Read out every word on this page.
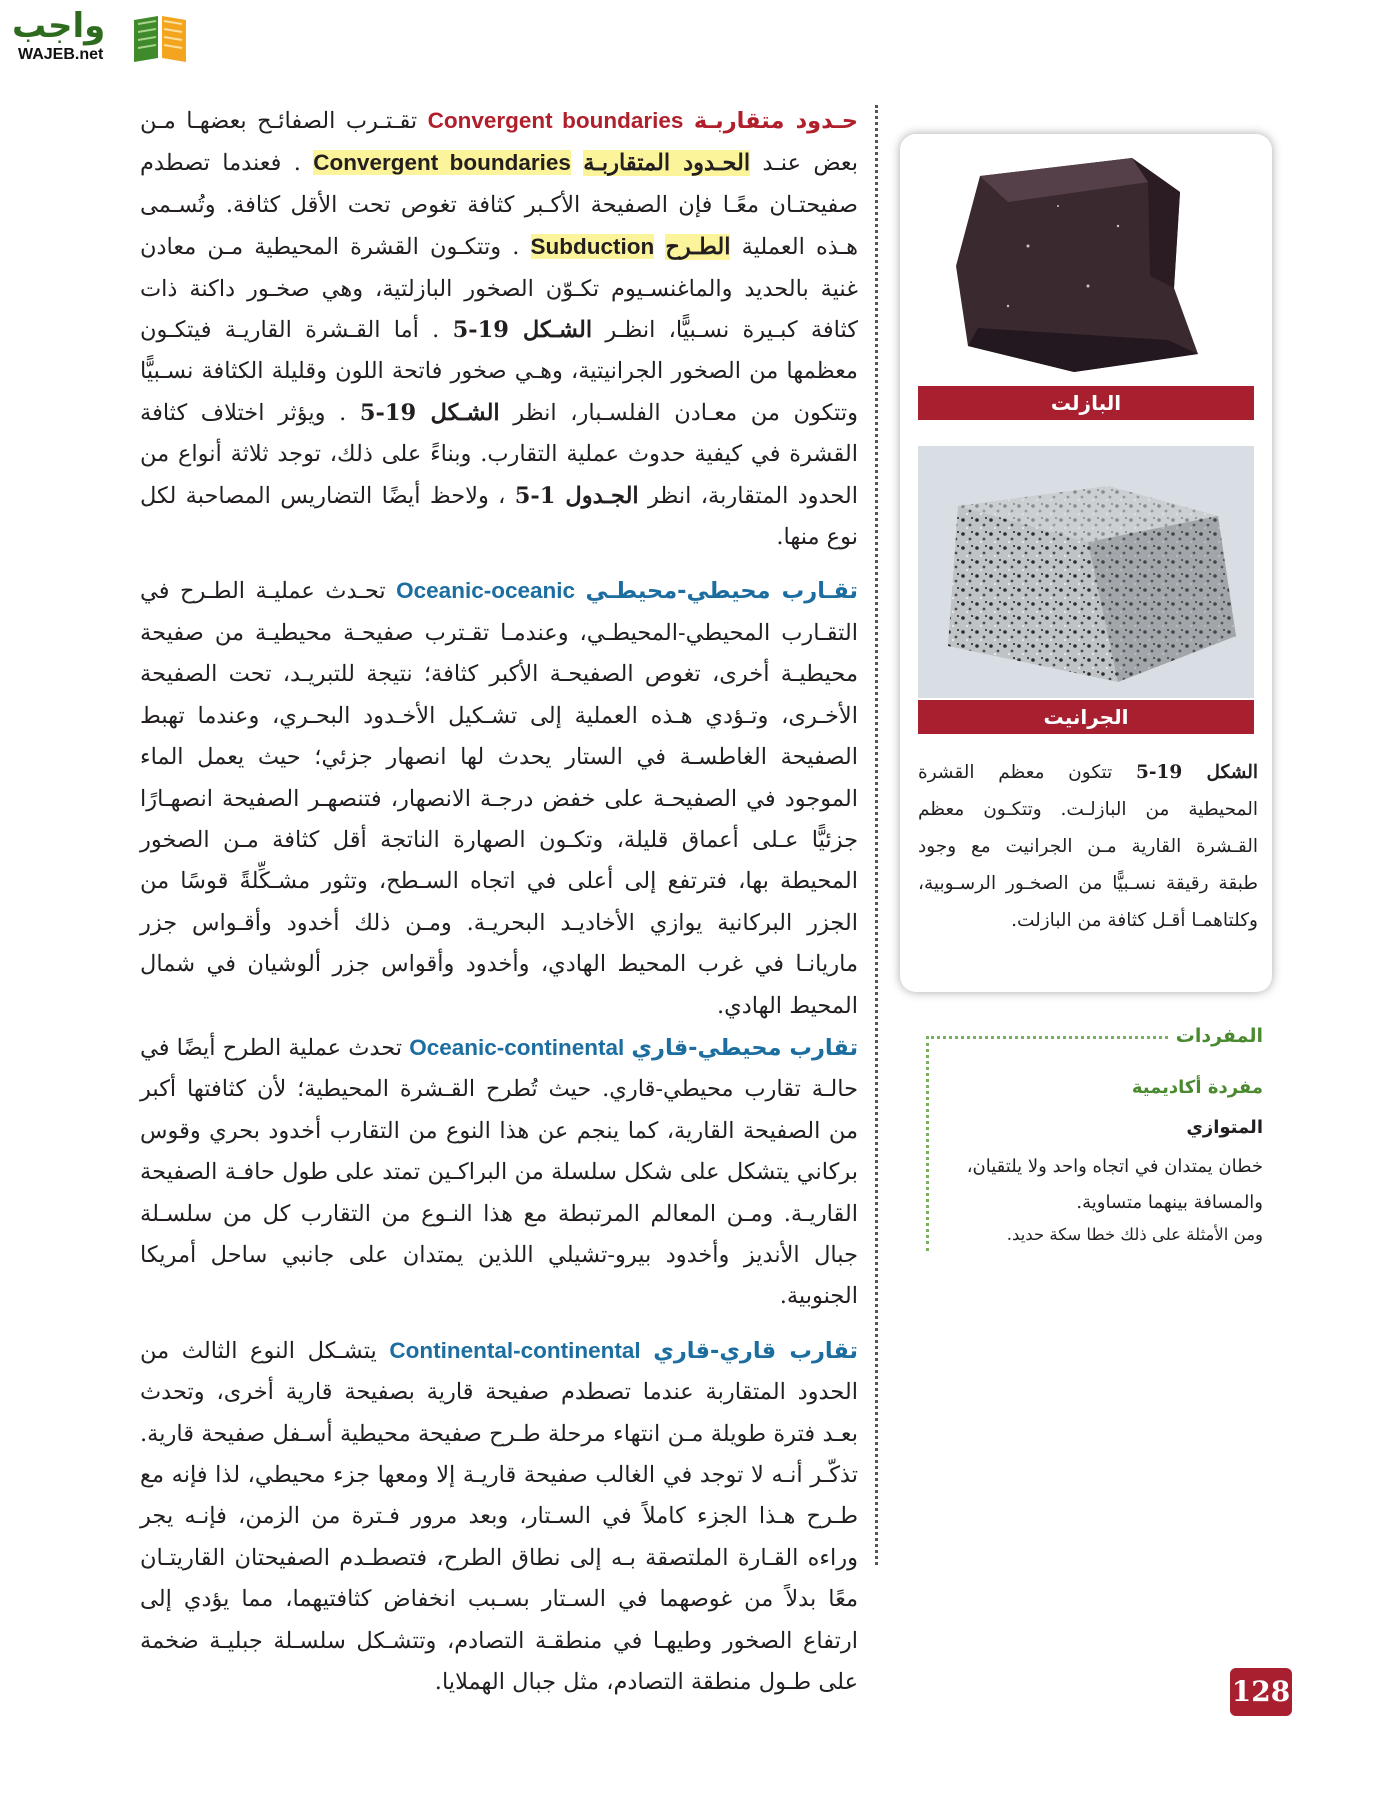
واجب
WAJEB.net

حـدود متقاربـة Convergent boundaries تقـتـرب الصفائـح بعضهـا مـن بعض عنـد الحـدود المتقاربـة Convergent boundaries . فعندما تصطدم صفيحتـان معًـا فإن الصفيحة الأكـبر كثافة تغوص تحت الأقل كثافة. وتُسـمى هـذه العملية الطـرح Subduction . وتتكـون القشرة المحيطية مـن معادن غنية بالحديد والماغنسـيوم تكـوّن الصخور البازلتية، وهي صخـور داكنة ذات كثافة كبـيرة نسـبيًّا، انظـر الشـكل 19-5 . أما القـشرة القاريـة فيتكـون معظمها من الصخور الجرانيتية، وهـي صخور فاتحة اللون وقليلة الكثافة نسـبيًّا وتتكون من معـادن الفلسـبار، انظر الشـكل 19-5 . ويؤثر اختلاف كثافة القشرة في كيفية حدوث عملية التقارب. وبناءً على ذلك، توجد ثلاثة أنواع من الحدود المتقاربة، انظر الجـدول 1-5 ، ولاحظ أيضًا التضاريس المصاحبة لكل نوع منها.

تقـارب محيطي-محيطـي Oceanic-oceanic تحـدث عمليـة الطـرح في التقـارب المحيطي-المحيطـي، وعندمـا تقـترب صفيحـة محيطيـة من صفيحة محيطيـة أخرى، تغوص الصفيحـة الأكبر كثافة؛ نتيجة للتبريـد، تحت الصفيحة الأخـرى، وتـؤدي هـذه العملية إلى تشـكيل الأخـدود البحـري، وعندما تهبط الصفيحة الغاطسـة في الستار يحدث لها انصهار جزئي؛ حيث يعمل الماء الموجود في الصفيحـة على خفض درجـة الانصهار، فتنصهـر الصفيحة انصهـارًا جزئيًّا عـلى أعماق قليلة، وتكـون الصهارة الناتجة أقل كثافة مـن الصخور المحيطة بها، فترتفع إلى أعلى في اتجاه السـطح، وتثور مشـكِّلةً قوسًا من الجزر البركانية يوازي الأخاديـد البحريـة. ومـن ذلك أخدود وأقـواس جزر ماريانـا في غرب المحيط الهادي، وأخدود وأقواس جزر ألوشيان في شمال المحيط الهادي.

تقارب محيطي-قاري Oceanic-continental تحدث عملية الطرح أيضًا في حالـة تقارب محيطي-قاري. حيث تُطرح القـشرة المحيطية؛ لأن كثافتها أكبر من الصفيحة القارية، كما ينجم عن هذا النوع من التقارب أخدود بحري وقوس بركاني يتشكل على شكل سلسلة من البراكـين تمتد على طول حافـة الصفيحة القاريـة. ومـن المعالم المرتبطة مع هذا النـوع من التقارب كل من سلسـلة جبال الأنديز وأخدود بيرو-تشيلي اللذين يمتدان على جانبي ساحل أمريكا الجنوبية.

تقارب قاري-قاري Continental-continental يتشـكل النوع الثالث من الحدود المتقاربة عندما تصطدم صفيحة قارية بصفيحة قارية أخرى، وتحدث بعـد فترة طويلة مـن انتهاء مرحلة طـرح صفيحة محيطية أسـفل صفيحة قارية. تذكّـر أنـه لا توجد في الغالب صفيحة قاريـة إلا ومعها جزء محيطي، لذا فإنه مع طـرح هـذا الجزء كاملاً في السـتار، وبعد مرور فـترة من الزمن، فإنـه يجر وراءه القـارة الملتصقة بـه إلى نطاق الطرح، فتصطـدم الصفيحتان القاريتـان معًا بدلاً من غوصهما في السـتار بسـبب انخفاض كثافتيهما، مما يؤدي إلى ارتفاع الصخور وطيهـا في منطقـة التصادم، وتتشـكل سلسـلة جبليـة ضخمة على طـول منطقة التصادم، مثل جبال الهملايا.

البازلت
الجرانيت
الشكل 19-5 تتكون معظم القشرة المحيطية من البازلـت. وتتكـون معظم القـشرة القارية مـن الجرانيت مع وجود طبقة رقيقة نسـبيًّا من الصخـور الرسـوبية، وكلتاهمـا أقـل كثافة من البازلت.
المفردات
مفردة أكاديمية
المتوازي
خطان يمتدان في اتجاه واحد ولا يلتقيان، والمسافة بينهما متساوية.
ومن الأمثلة على ذلك خطا سكة حديد.
128
